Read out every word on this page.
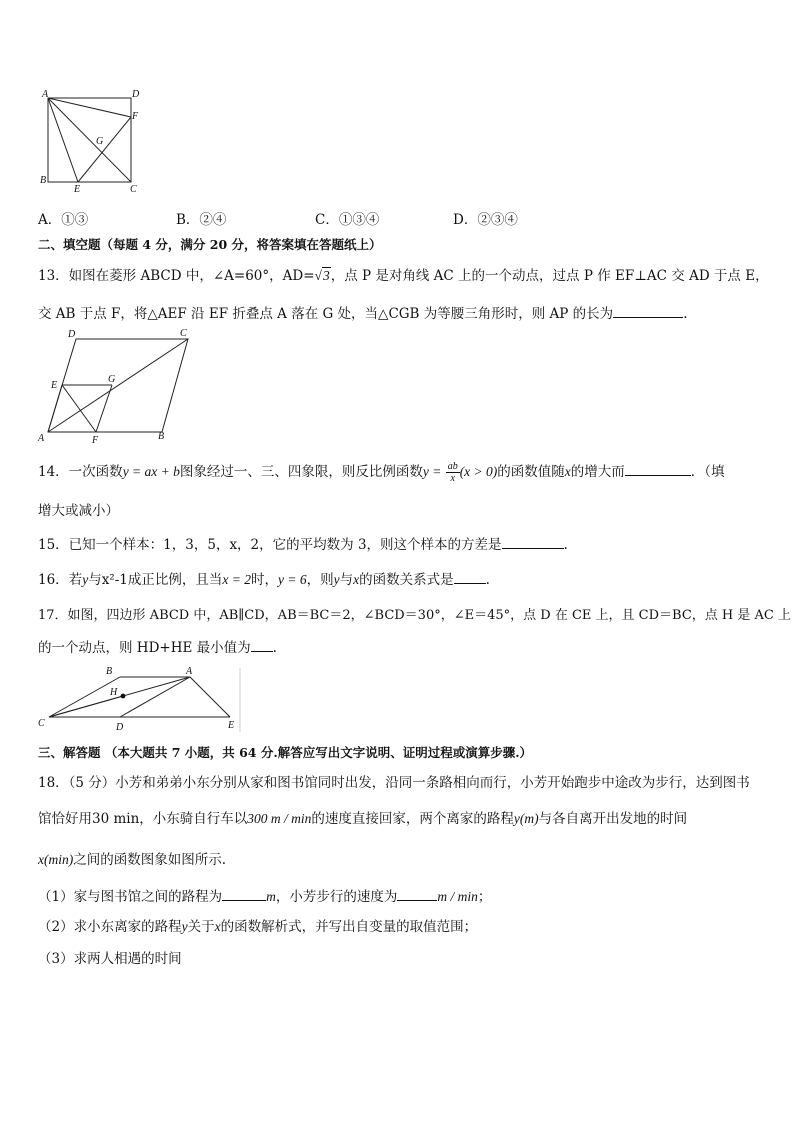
A	D
F
G
B
E	C
A．①③	B．②④	C．①③④	D．②③④
二、填空题（每题 4 分，满分 20 分，将答案填在答题纸上）
13．如图在菱形 ABCD 中，∠A=60°，AD=√3，点 P 是对角线 AC 上的一个动点，过点 P 作 EF⊥AC 交 AD 于点 E，
交 AB 于点 F，将△AEF 沿 EF 折叠点 A 落在 G 处，当△CGB 为等腰三角形时，则 AP 的长为	.
D	C
E
G
A	F	B
14．一次函数y = ax + b图象经过一、三、四象限，则反比例函数$y = \frac{ab}{x} (x > 0)$的函数值随x的增大而	．（填
增大或减小）
15．已知一个样本：1，3，5，x，2，它的平均数为 3，则这个样本的方差是	.
16．若y与x²-1成正比例，且当x = 2时，y = 6，则y与x的函数关系式是 .
17．如图，四边形 ABCD 中，AB∥CD，AB＝BC＝2，∠BCD＝30°，∠E＝45°，点 D 在 CE 上，且 CD＝BC，点 H 是 AC 上
的一个动点，则 HD+HE 最小值为 .
B	A
H
C	D	E
三、解答题 （本大题共 7 小题，共 64 分.解答应写出文字说明、证明过程或演算步骤.）
18．（5 分）小芳和弟弟小东分别从家和图书馆同时出发，沿同一条路相向而行，小芳开始跑步中途改为步行，达到图书
馆恰好用30 min，小东骑自行车以300 m / min的速度直接回家，两个离家的路程y(m)与各自离开出发地的时间
x(min)之间的函数图象如图所示.
（1）家与图书馆之间的路程为	m，小芳步行的速度为	m / min；
（2）求小东离家的路程y关于x的函数解析式，并写出自变量的取值范围；
（3）求两人相遇的时间
